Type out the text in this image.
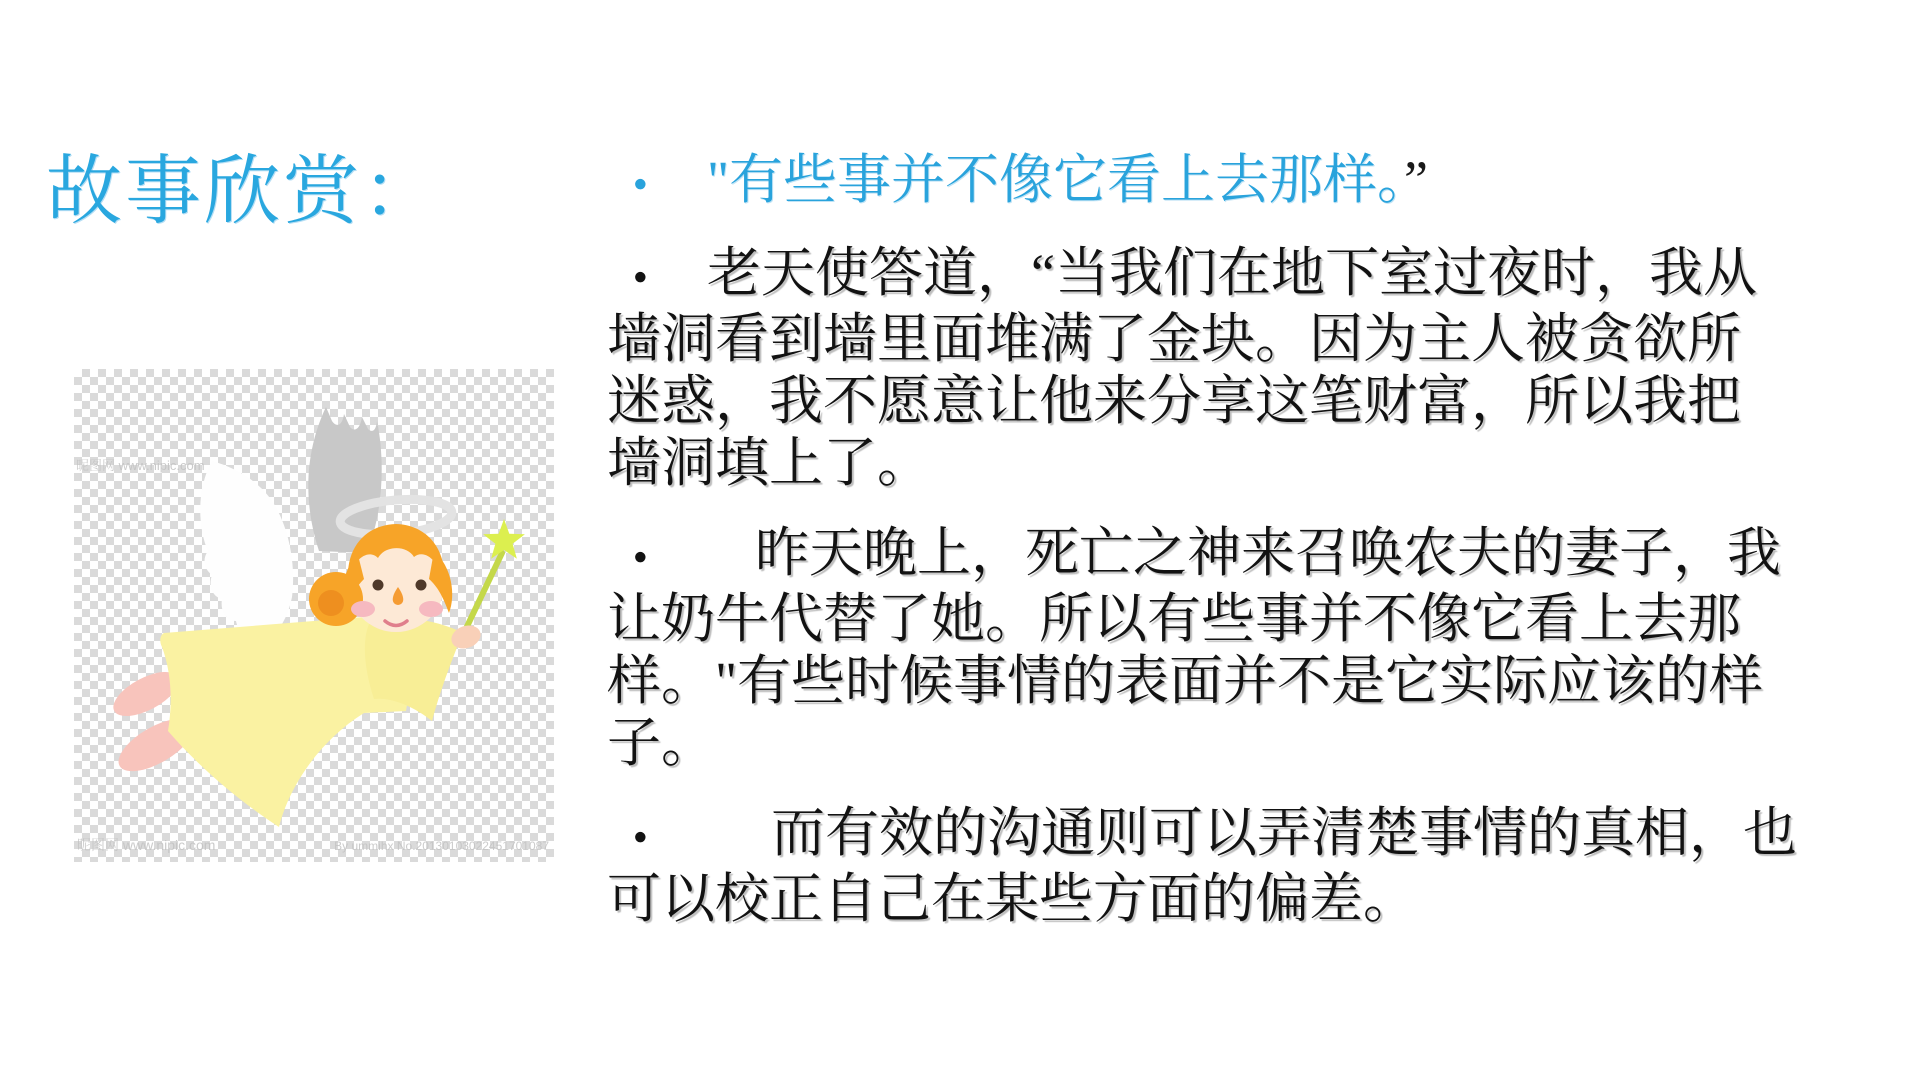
故事欣赏：
昵图网 www.nipic.com
昵图网 www.nipic.com	By ummihx No.20130103022451701087
● "有些事并不像它看上去那样。”
● 老天使答道，“当我们在地下室过夜时，我从
墙洞看到墙里面堆满了金块。因为主人被贪欲所
迷惑，我不愿意让他来分享这笔财富，所以我把
墙洞填上了。
● 昨天晚上，死亡之神来召唤农夫的妻子，我
让奶牛代替了她。所以有些事并不像它看上去那
样。"有些时候事情的表面并不是它实际应该的样
子。
● 而有效的沟通则可以弄清楚事情的真相，也
可以校正自己在某些方面的偏差。
